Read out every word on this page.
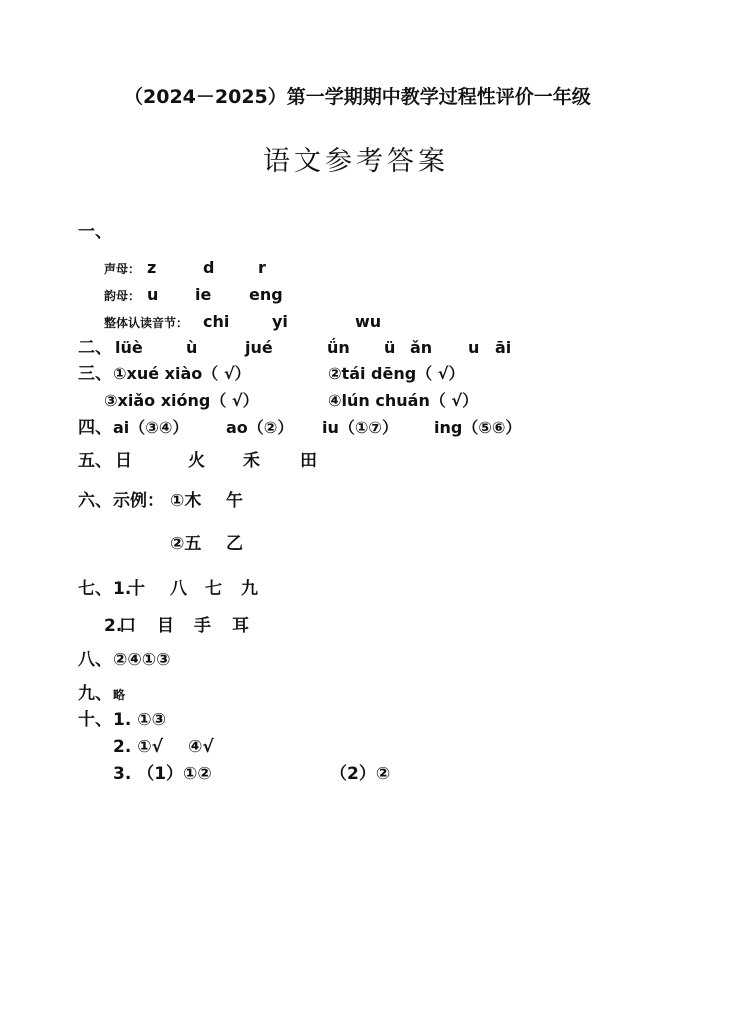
（2024－2025）第一学期期中教学过程性评价一年级
语文参考答案
一、
声母： z	d	r
韵母： u ie eng
整体认读音节： chi	yi	wu
二、 lüè	ù	jué	ǘn ü ǎn u āi
三、 ①xué xiào（ √）	②tái dēng（ √）
③xiǎo xióng（ √）	④lún chuán（ √）
四、 ai（③④） ao（②） iu（①⑦） ing（⑤⑥）
五、 日	火 禾 田
六、 示例： ①木 午
②五 乙
七、 1.
十 八 七 九
2.
口 目 手 耳
八、 ②④①③
九、 略
十、 1. ①③
2. ①√ ④√
3. （1）①②	（2）②
